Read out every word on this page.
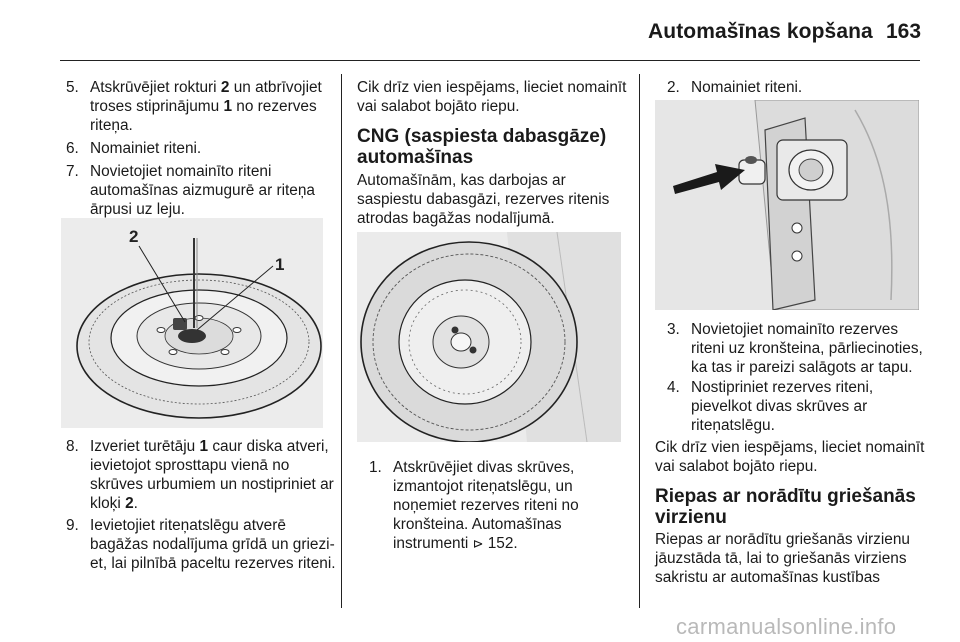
Automašīnas kopšana 163
5. Atskrūvējiet rokturi 2 un atbrīvojiet troses stiprinājumu 1 no rezerves riteņa.
6. Nomainiet riteni.
7. Novietojiet nomainīto riteni automašīnas aizmugurē ar riteņa ārpusi uz leju.
8. Izveriet turētāju 1 caur diska atveri, ievietojot sprosttapu vienā no skrūves urbumiem un nostipriniet ar kloķi 2.
9. Ievietojiet riteņatslēgu atverē bagāžas nodalījuma grīdā un grieziet, lai pilnībā paceltu rezerves riteni.
2
1
Cik drīz vien iespējams, lieciet nomainīt vai salabot bojāto riepu.
CNG (saspiesta dabasgāze) automašīnas
Automašīnām, kas darbojas ar saspiestu dabasgāzi, rezerves ritenis atrodas bagāžas nodalījumā.
1. Atskrūvējiet divas skrūves, izmantojot riteņatslēgu, un noņemiet rezerves riteni no kronšteina. Automašīnas instrumenti ⊳ 152.
2. Nomainiet riteni.
3. Novietojiet nomainīto rezerves riteni uz kronšteina, pārliecinoties, ka tas ir pareizi salāgots ar tapu.
4. Nostipriniet rezerves riteni, pievelkot divas skrūves ar riteņatslēgu.
Cik drīz vien iespējams, lieciet nomainīt vai salabot bojāto riepu.
Riepas ar norādītu griešanās virzienu
Riepas ar norādītu griešanās virzienu jāuzstāda tā, lai to griešanās virziens sakristu ar automašīnas kustības
carmanualsonline.info
